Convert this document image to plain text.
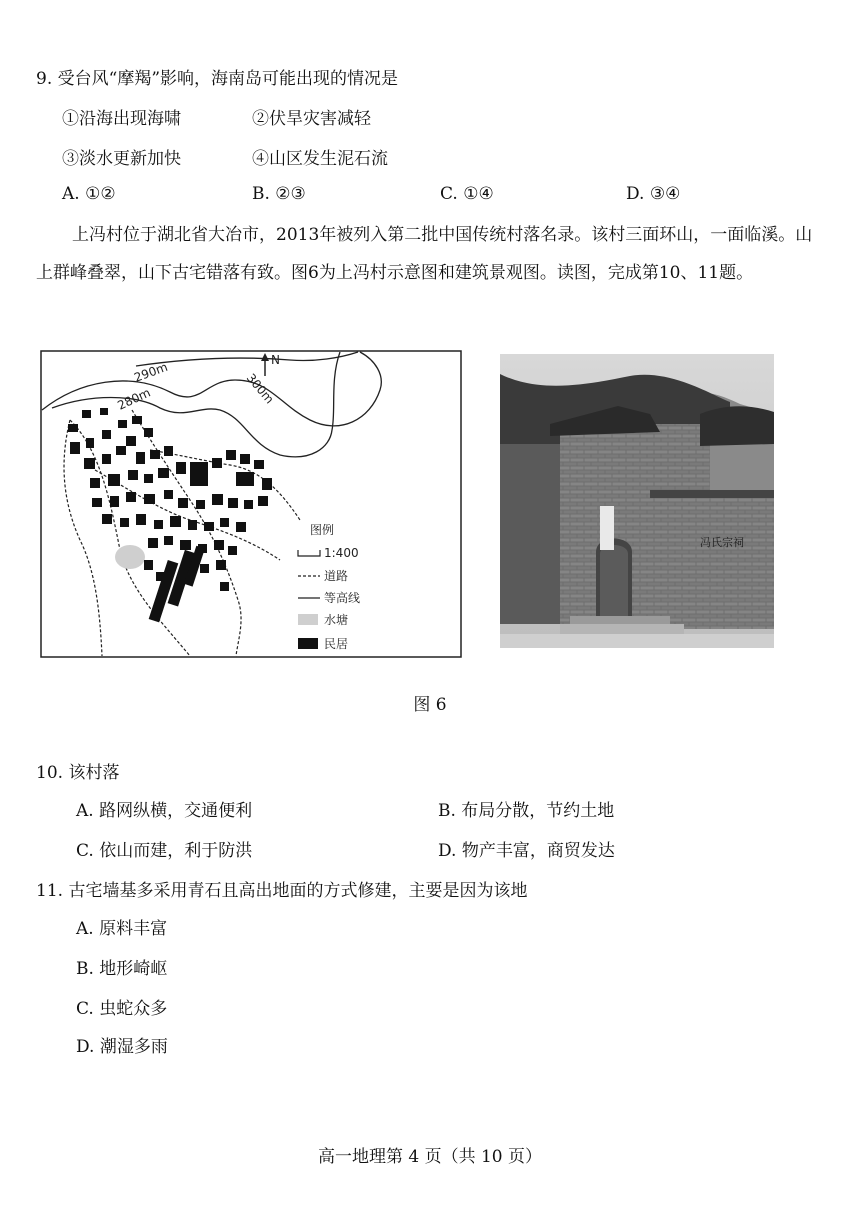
9. 受台风“摩羯”影响，海南岛可能出现的情况是
①沿海出现海啸	②伏旱灾害减轻
③淡水更新加快	④山区发生泥石流
A. ①②	B. ②③	C. ①④	D. ③④
上冯村位于湖北省大冶市，2013年被列入第二批中国传统村落名录。该村三面环山，一面临溪。山上群峰叠翠，山下古宅错落有致。图6为上冯村示意图和建筑景观图。读图，完成第10、11题。
290m
280m	300m
N
图例
1:400
道路
等高线
水塘
民居
冯氏宗祠
图 6
10. 该村落
A. 路网纵横，交通便利	B. 布局分散，节约土地
C. 依山而建，利于防洪	D. 物产丰富，商贸发达
11. 古宅墙基多采用青石且高出地面的方式修建，主要是因为该地
A. 原料丰富
B. 地形崎岖
C. 虫蛇众多
D. 潮湿多雨
高一地理第 4 页（共 10 页）
